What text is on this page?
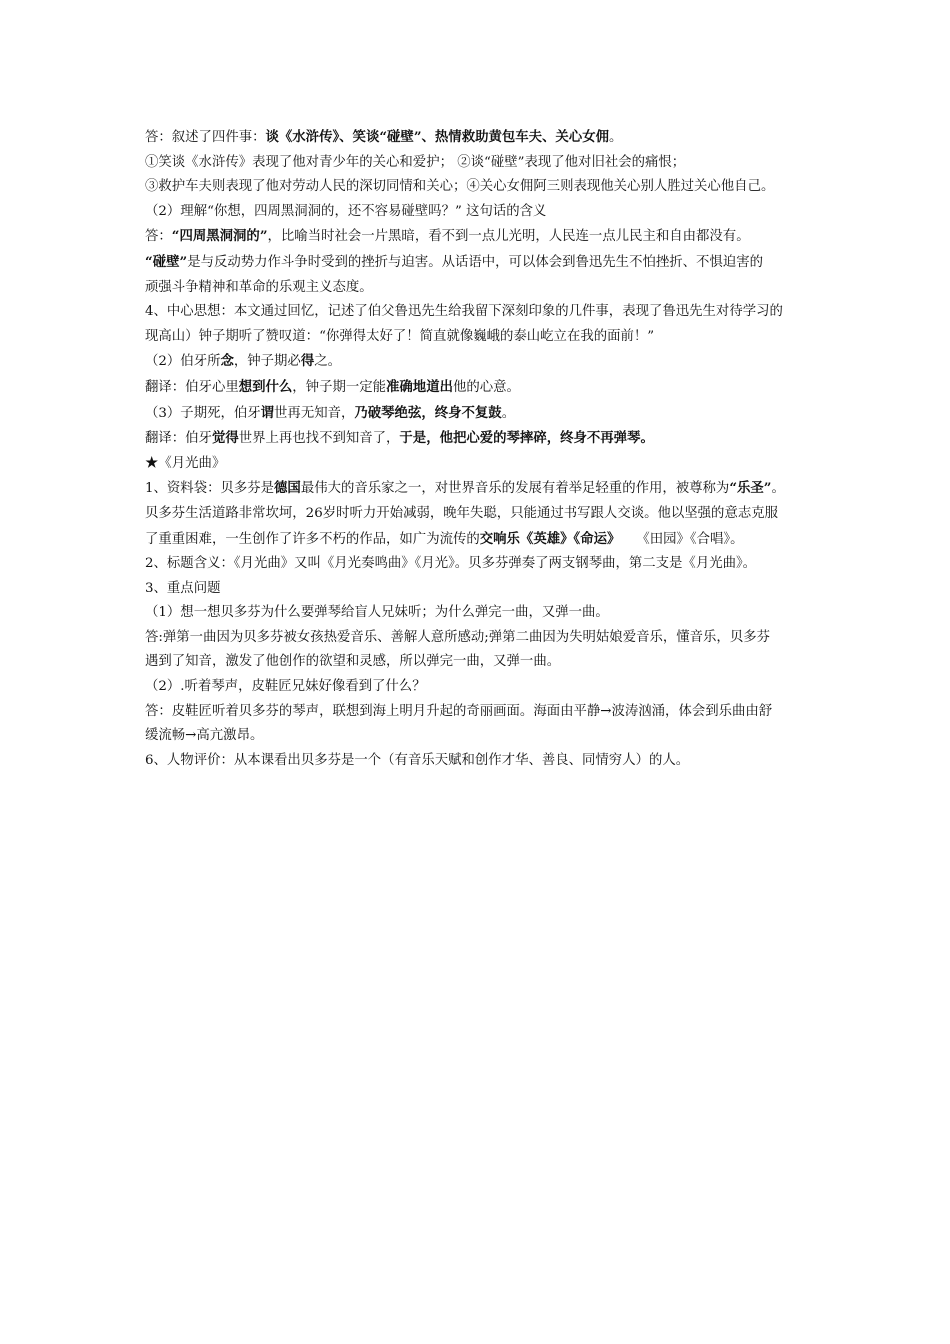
答：叙述了四件事：谈《水浒传》、笑谈“碰壁”、热情救助黄包车夫、关心女佣。
①笑谈《水浒传》表现了他对青少年的关心和爱护； ②谈“碰壁”表现了他对旧社会的痛恨；
③救护车夫则表现了他对劳动人民的深切同情和关心；④关心女佣阿三则表现他关心别人胜过关心他自己。
（2）理解“你想，四周黑洞洞的，还不容易碰壁吗？” 这句话的含义
答：“四周黑洞洞的”，比喻当时社会一片黑暗，看不到一点儿光明，人民连一点儿民主和自由都没有。
“碰壁”是与反动势力作斗争时受到的挫折与迫害。从话语中，可以体会到鲁迅先生不怕挫折、不惧迫害的
顽强斗争精神和革命的乐观主义态度。
4、中心思想：本文通过回忆，记述了伯父鲁迅先生给我留下深刻印象的几件事，表现了鲁迅先生对待学习的
现高山）钟子期听了赞叹道：“你弹得太好了！简直就像巍峨的泰山屹立在我的面前！”
（2）伯牙所念，钟子期必得之。
翻译：伯牙心里想到什么，钟子期一定能准确地道出他的心意。
（3）子期死，伯牙谓世再无知音，乃破琴绝弦，终身不复鼓。
翻译：伯牙觉得世界上再也找不到知音了，于是，他把心爱的琴摔碎，终身不再弹琴。
★《月光曲》
1、资料袋：贝多芬是德国最伟大的音乐家之一，对世界音乐的发展有着举足轻重的作用，被尊称为“乐圣”。
贝多芬生活道路非常坎坷，26岁时听力开始减弱，晚年失聪，只能通过书写跟人交谈。他以坚强的意志克服
了重重困难，一生创作了许多不朽的作品，如广为流传的交响乐《英雄》《命运》 《田园》《合唱》。
2、标题含义：《月光曲》又叫《月光奏鸣曲》《月光》。贝多芬弹奏了两支钢琴曲，第二支是《月光曲》。
3、重点问题
（1）想一想贝多芬为什么要弹琴给盲人兄妹听；为什么弹完一曲，又弹一曲。
答:弹第一曲因为贝多芬被女孩热爱音乐、善解人意所感动;弹第二曲因为失明姑娘爱音乐，懂音乐，贝多芬
遇到了知音，激发了他创作的欲望和灵感，所以弹完一曲，又弹一曲。
（2）.听着琴声，皮鞋匠兄妹好像看到了什么？
答：皮鞋匠听着贝多芬的琴声，联想到海上明月升起的奇丽画面。海面由平静→波涛汹涌，体会到乐曲由舒
缓流畅→高亢激昂。
6、人物评价：从本课看出贝多芬是一个（有音乐天赋和创作才华、善良、同情穷人）的人。
